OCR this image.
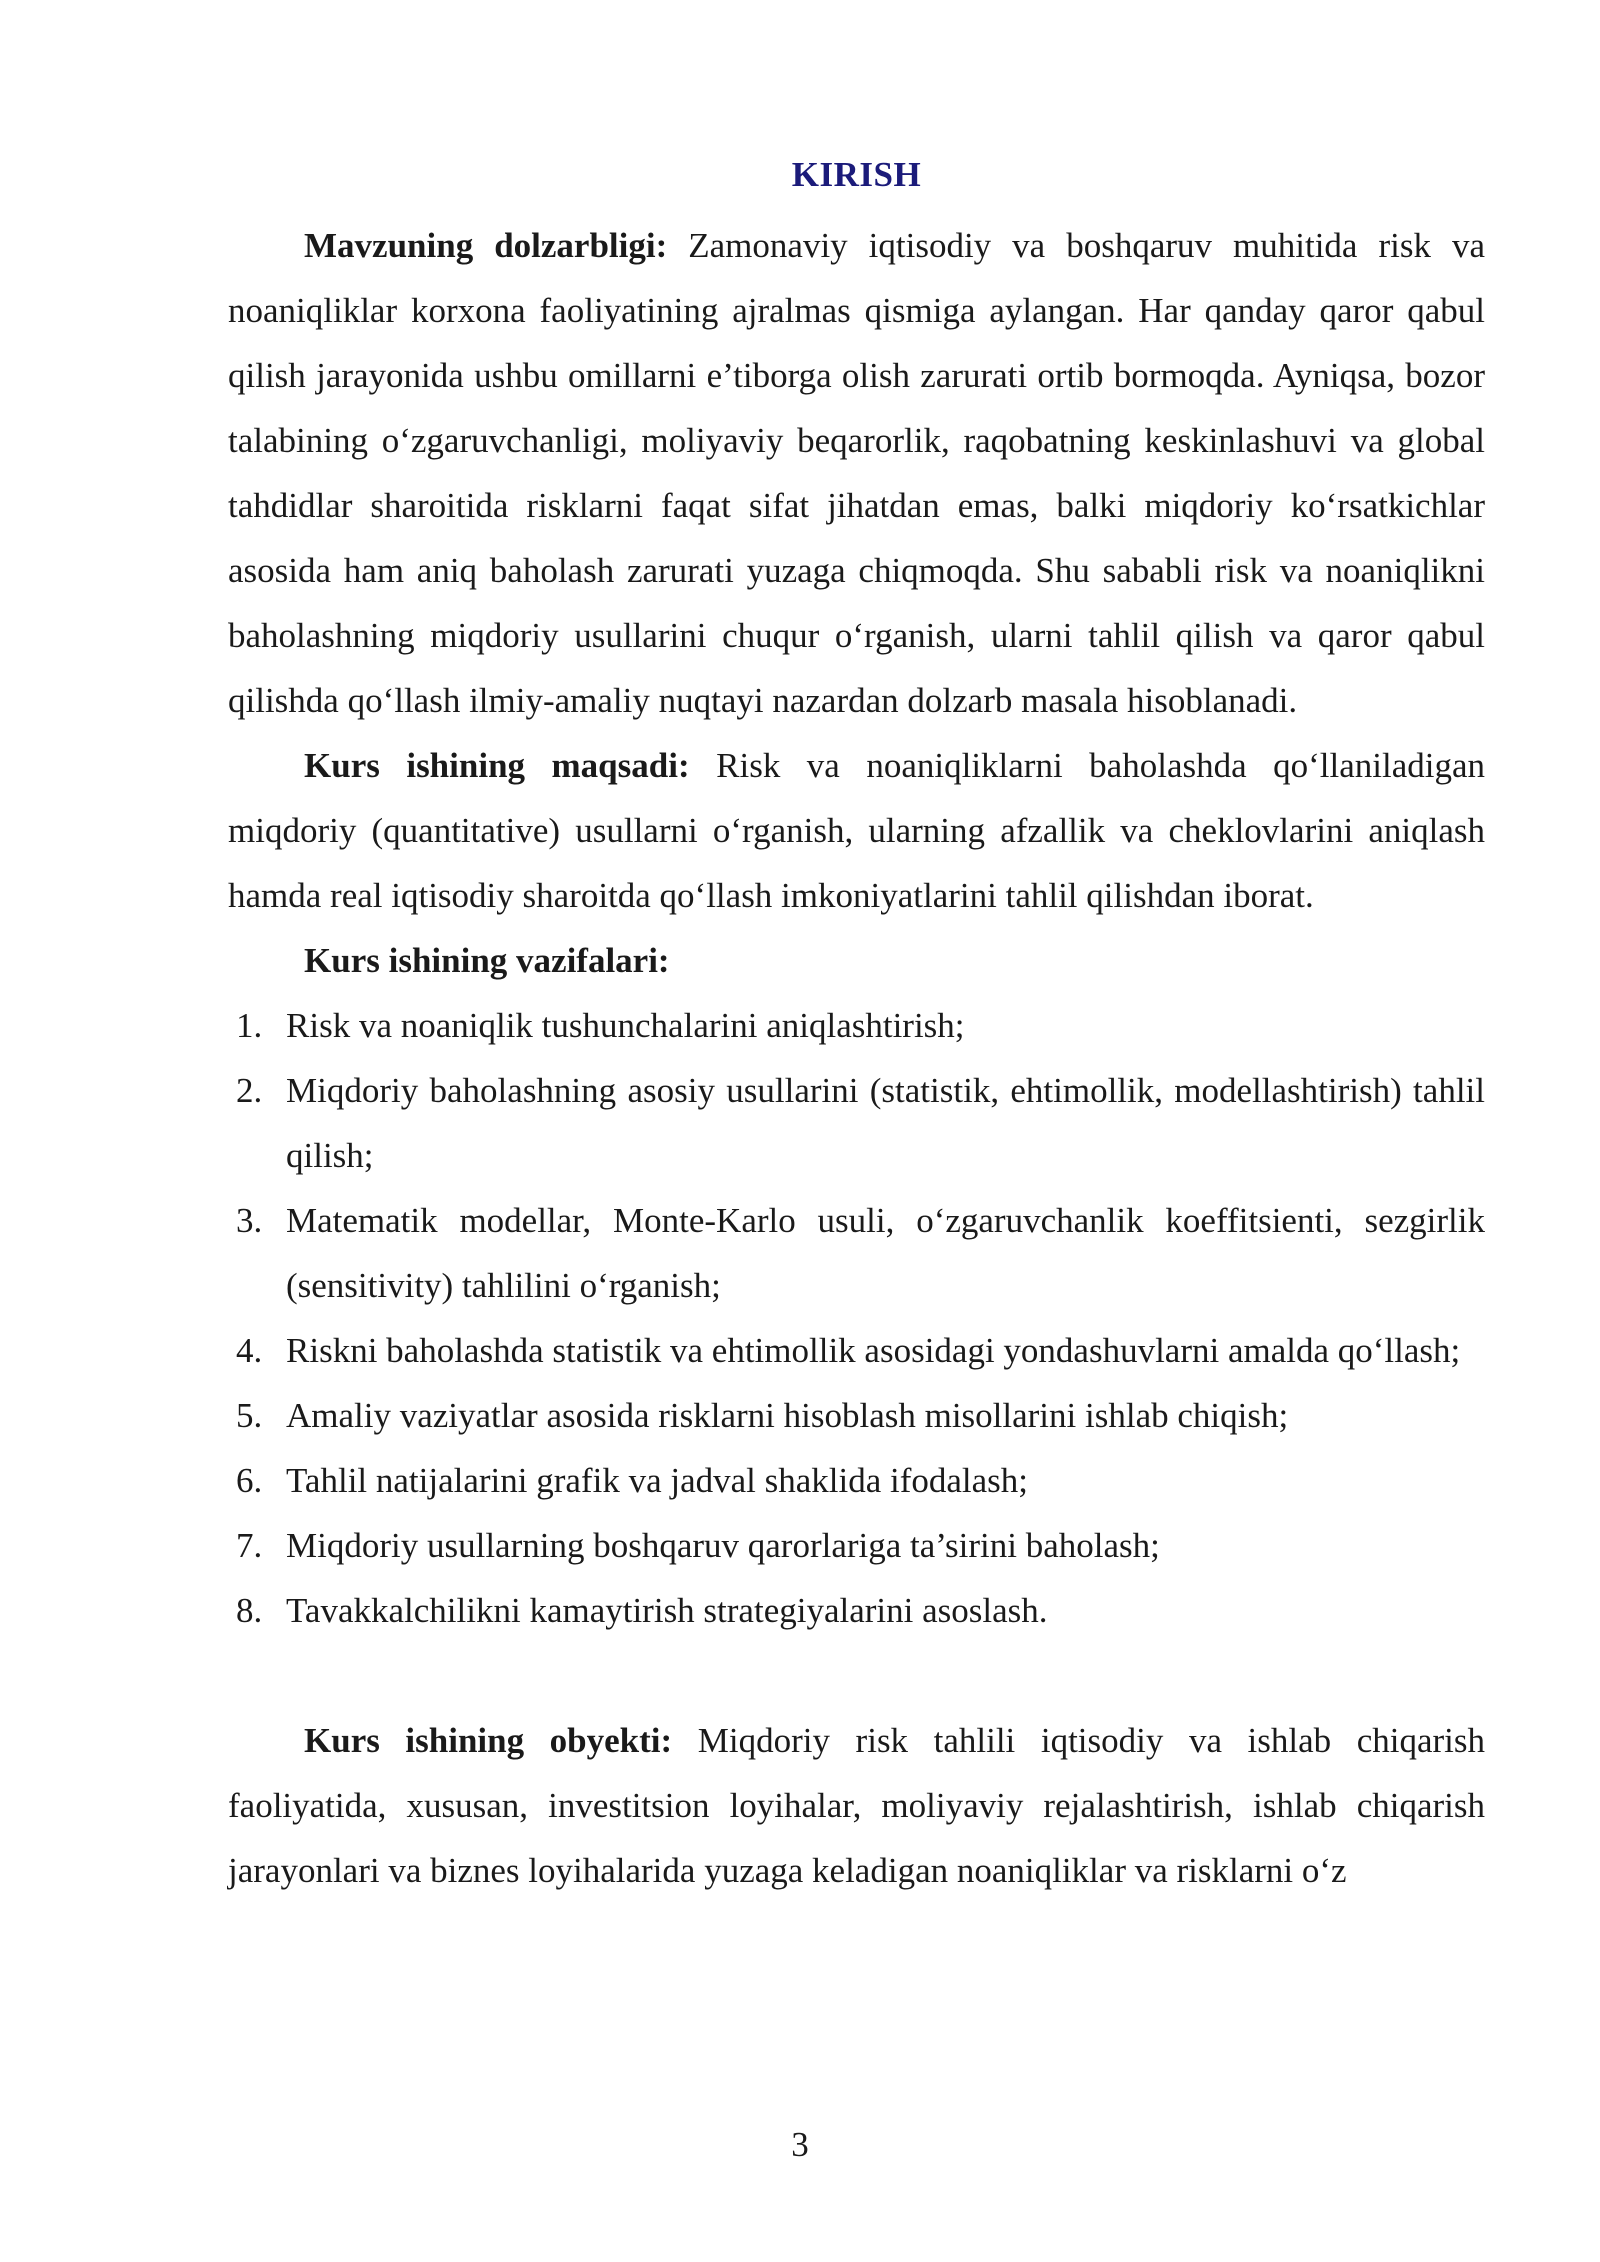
KIRISH

Mavzuning dolzarbligi: Zamonaviy iqtisodiy va boshqaruv muhitida risk va noaniqliklar korxona faoliyatining ajralmas qismiga aylangan. Har qanday qaror qabul qilish jarayonida ushbu omillarni e’tiborga olish zarurati ortib bormoqda. Ayniqsa, bozor talabining o‘zgaruvchanligi, moliyaviy beqarorlik, raqobatning keskinlashuvi va global tahdidlar sharoitida risklarni faqat sifat jihatdan emas, balki miqdoriy ko‘rsatkichlar asosida ham aniq baholash zarurati yuzaga chiqmoqda. Shu sababli risk va noaniqlikni baholashning miqdoriy usullarini chuqur o‘rganish, ularni tahlil qilish va qaror qabul qilishda qo‘llash ilmiy-amaliy nuqtayi nazardan dolzarb masala hisoblanadi.

Kurs ishining maqsadi: Risk va noaniqliklarni baholashda qo‘llaniladigan miqdoriy (quantitative) usullarni o‘rganish, ularning afzallik va cheklovlarini aniqlash hamda real iqtisodiy sharoitda qo‘llash imkoniyatlarini tahlil qilishdan iborat.

Kurs ishining vazifalari:

1. Risk va noaniqlik tushunchalarini aniqlashtirish;
2. Miqdoriy baholashning asosiy usullarini (statistik, ehtimollik, modellashtirish) tahlil qilish;
3. Matematik modellar, Monte-Karlo usuli, o‘zgaruvchanlik koeffitsienti, sezgirlik (sensitivity) tahlilini o‘rganish;
4. Riskni baholashda statistik va ehtimollik asosidagi yondashuvlarni amalda qo‘llash;
5. Amaliy vaziyatlar asosida risklarni hisoblash misollarini ishlab chiqish;
6. Tahlil natijalarini grafik va jadval shaklida ifodalash;
7. Miqdoriy usullarning boshqaruv qarorlariga ta’sirini baholash;
8. Tavakkalchilikni kamaytirish strategiyalarini asoslash.

Kurs ishining obyekti: Miqdoriy risk tahlili iqtisodiy va ishlab chiqarish faoliyatida, xususan, investitsion loyihalar, moliyaviy rejalashtirish, ishlab chiqarish jarayonlari va biznes loyihalarida yuzaga keladigan noaniqliklar va risklarni o‘z

3
